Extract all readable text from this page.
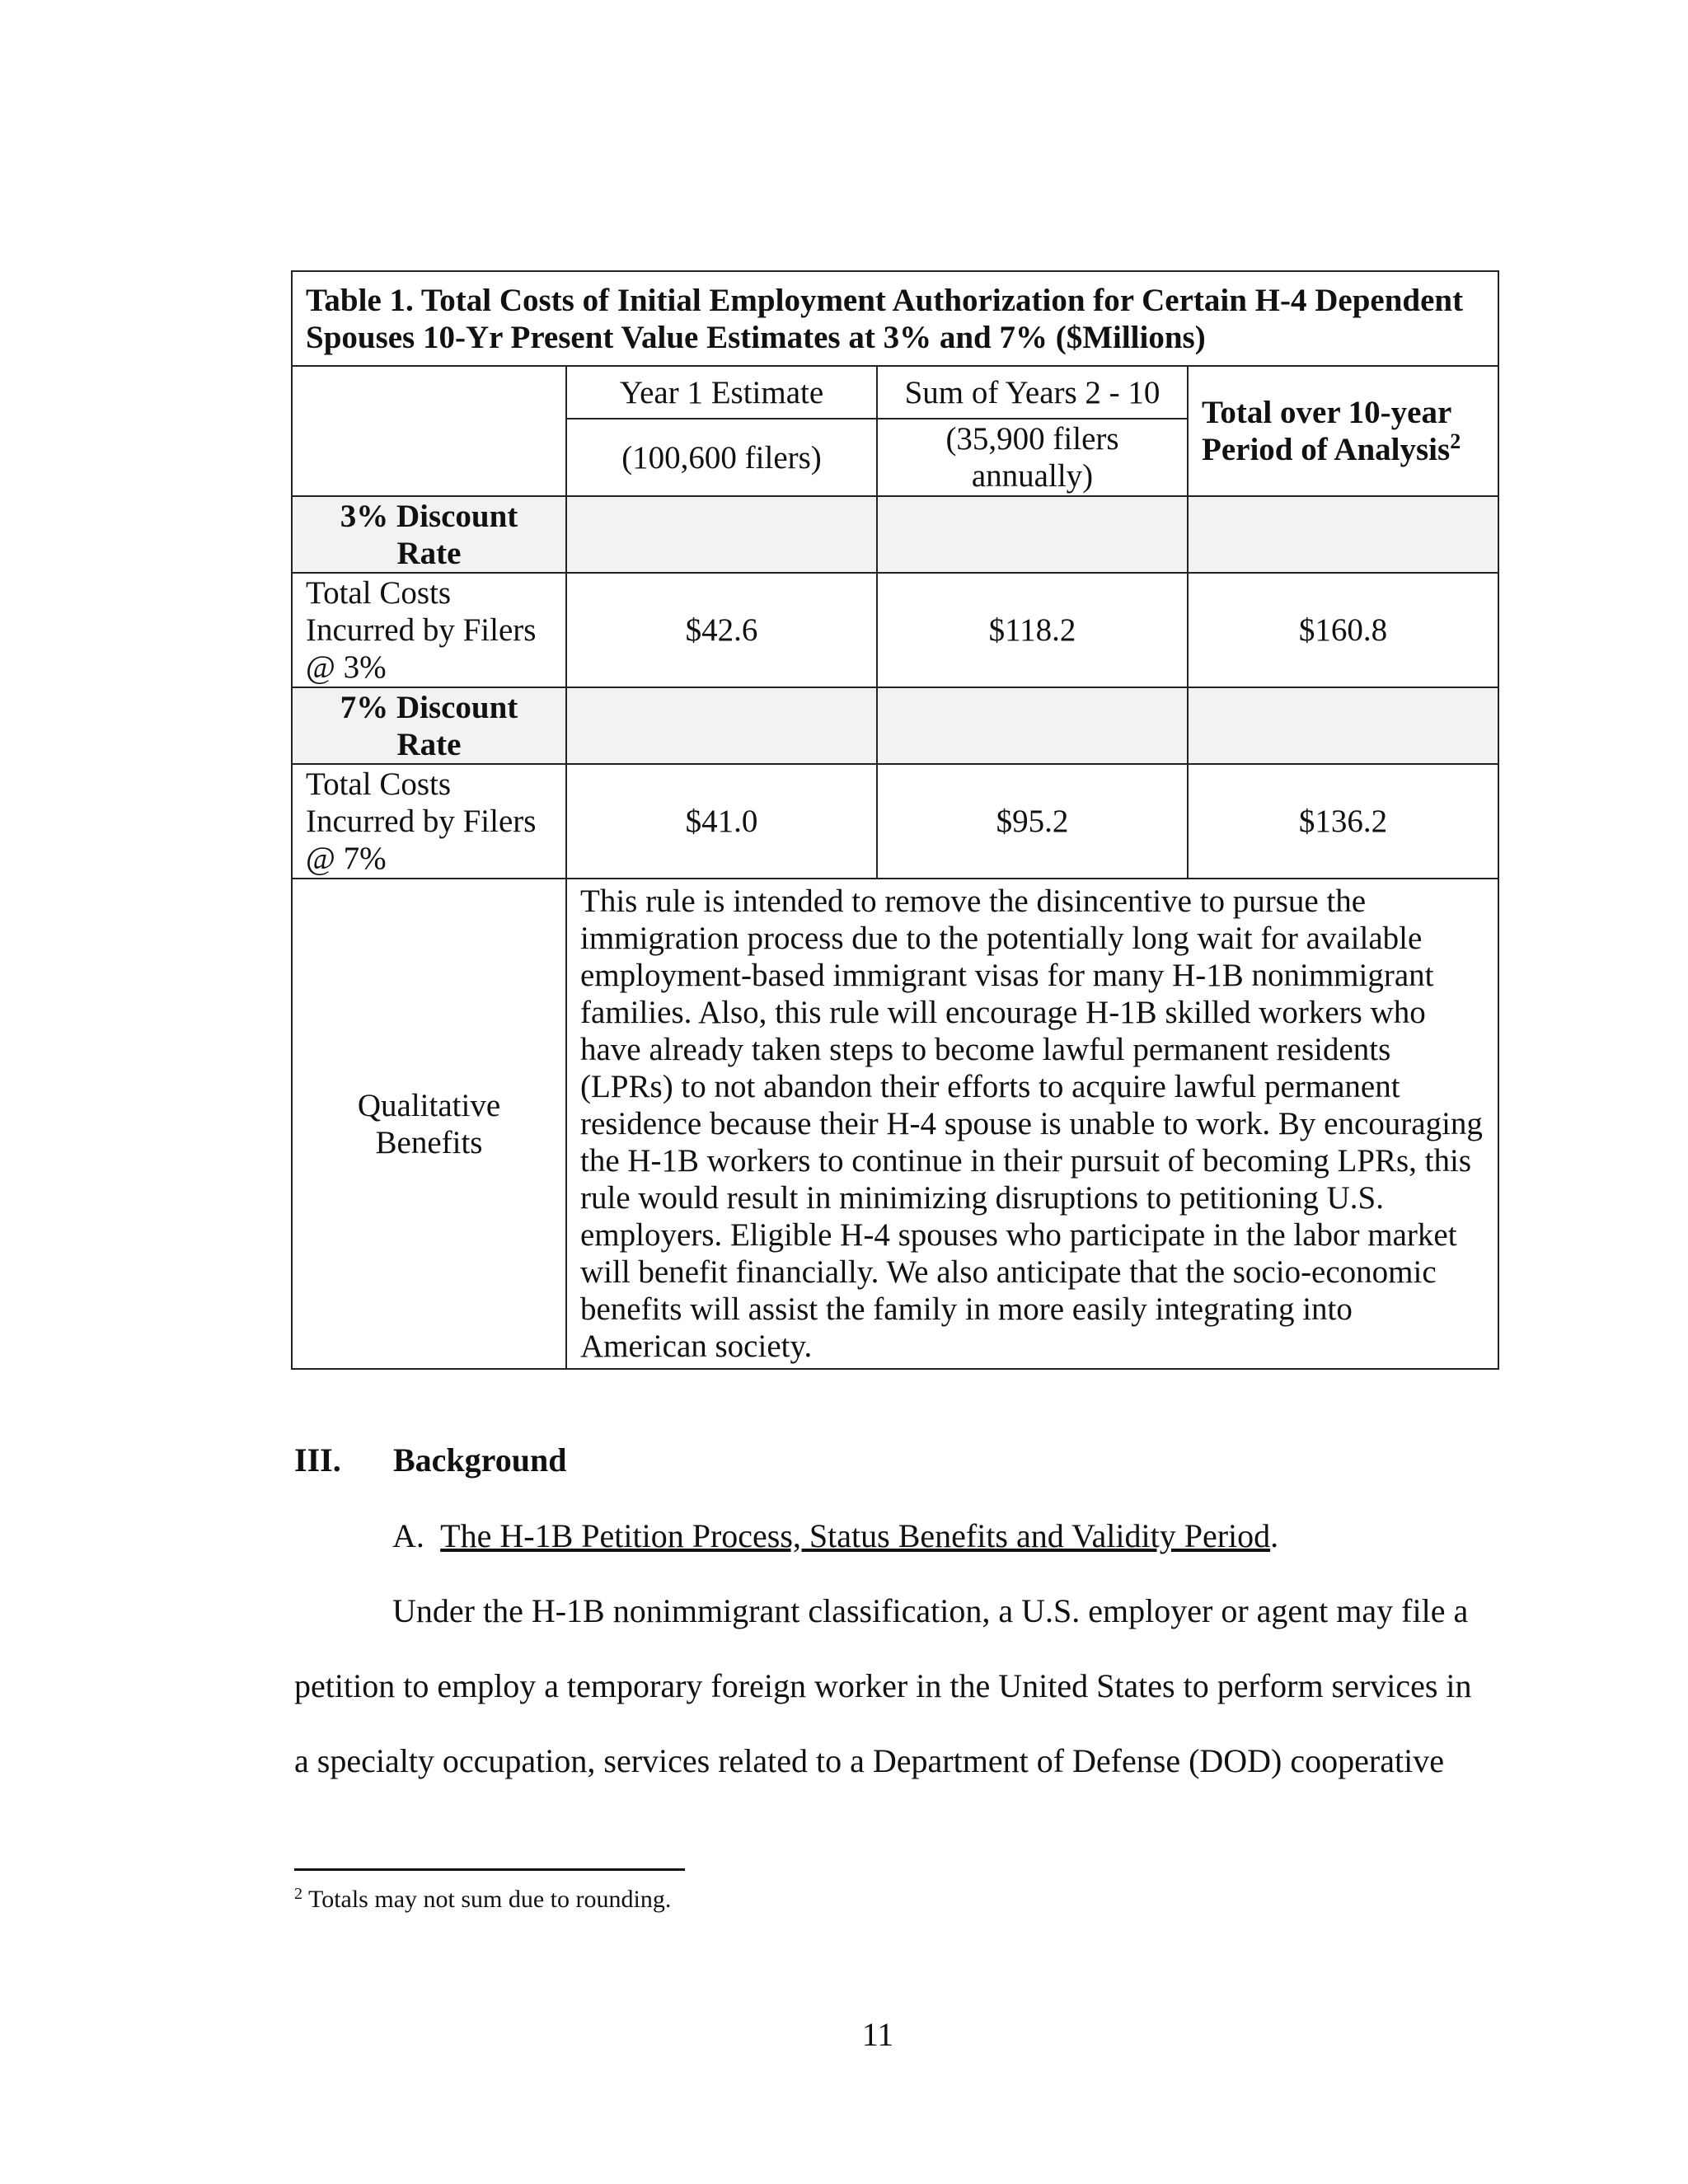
Table 1. Total Costs of Initial Employment Authorization for Certain H-4 Dependent Spouses 10-Yr Present Value Estimates at 3% and 7% ($Millions)			
	Year 1 Estimate	Sum of Years 2 - 10	Total over 10-year Period of Analysis$^2$
	(100,600 filers)	(35,900 filers annually)	
3% Discount Rate			
Total Costs Incurred by Filers @ 3%	$42.6	$118.2	$160.8
7% Discount Rate			
Total Costs Incurred by Filers @ 7%	$41.0	$95.2	$136.2
Qualitative Benefits	This rule is intended to remove the disincentive to pursue the immigration process due to the potentially long wait for available employment-based immigrant visas for many H-1B nonimmigrant families. Also, this rule will encourage H-1B skilled workers who have already taken steps to become lawful permanent residents (LPRs) to not abandon their efforts to acquire lawful permanent residence because their H-4 spouse is unable to work. By encouraging the H-1B workers to continue in their pursuit of becoming LPRs, this rule would result in minimizing disruptions to petitioning U.S. employers. Eligible H-4 spouses who participate in the labor market will benefit financially. We also anticipate that the socio-economic benefits will assist the family in more easily integrating into American society.		
III. Background
A. The H-1B Petition Process, Status Benefits and Validity Period.
Under the H-1B nonimmigrant classification, a U.S. employer or agent may file a
petition to employ a temporary foreign worker in the United States to perform services in
a specialty occupation, services related to a Department of Defense (DOD) cooperative
$^2$ Totals may not sum due to rounding.
11
